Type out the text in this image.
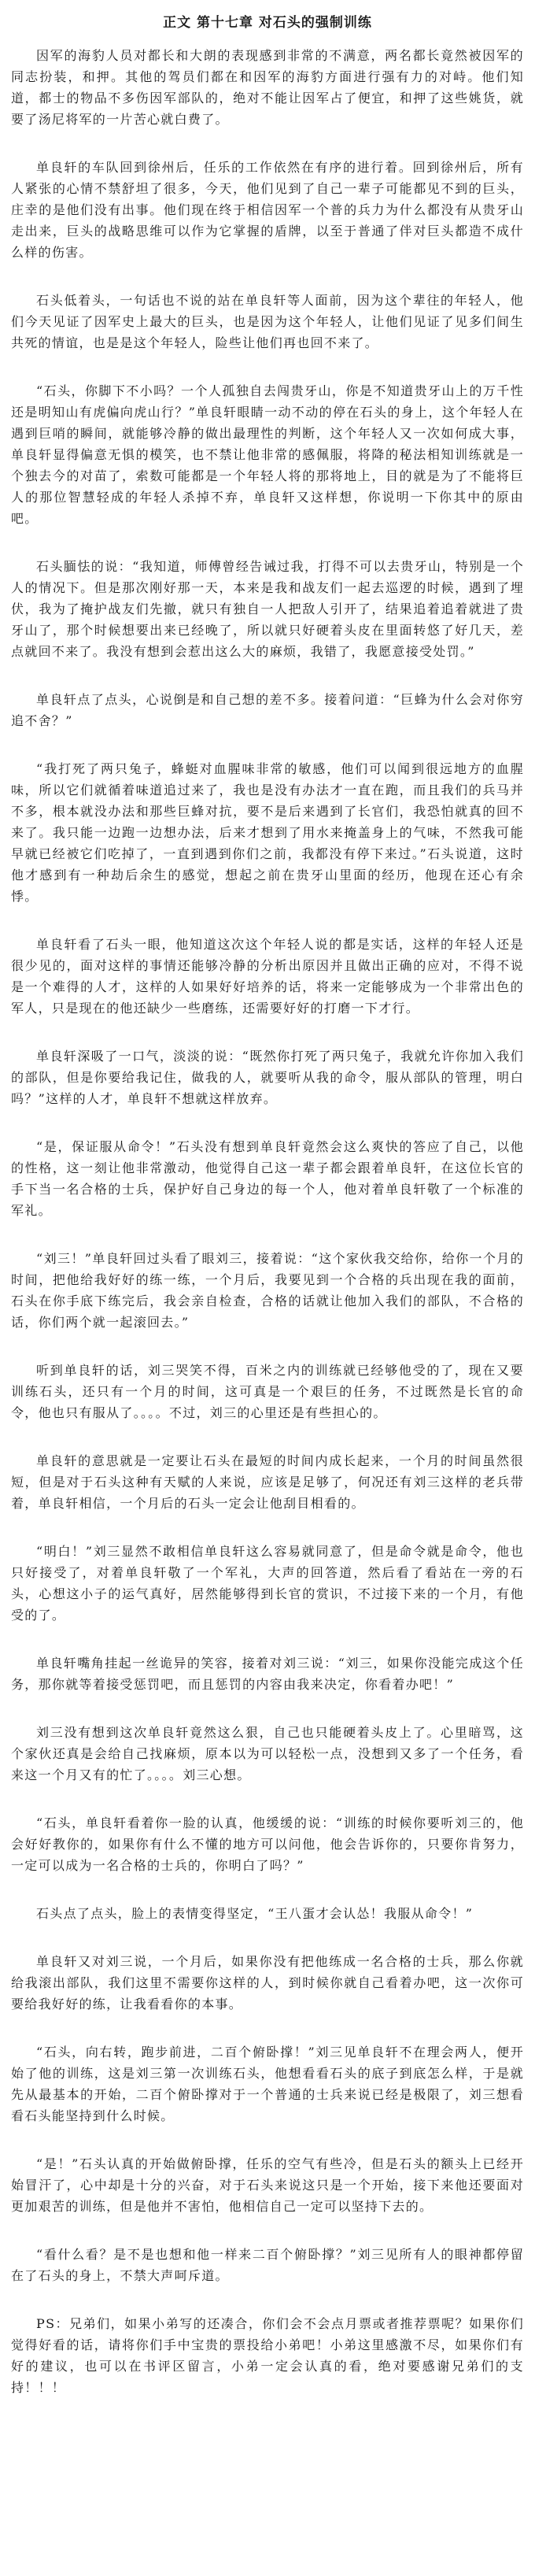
正文 第十七章 对石头的强制训练

因军的海豹人员对都长和大朗的表现感到非常的不满意，两名都长竟然被因军的同志扮装，和押。其他的驾员们都在和因军的海豹方面进行强有力的对峙。他们知道，都士的物品不多伤因军部队的，绝对不能让因军占了便宜，和押了这些姚货，就要了汤尼将军的一片苦心就白费了。

单良轩的车队回到徐州后，任乐的工作依然在有序的进行着。回到徐州后，所有人紧张的心情不禁舒坦了很多，今天，他们见到了自己一辈子可能都见不到的巨头，庄幸的是他们没有出事。他们现在终于相信因军一个普的兵力为什么都没有从贵牙山走出来，巨头的战略思维可以作为它掌握的盾牌，以至于普通了伴对巨头都造不成什么样的伤害。

石头低着头，一句话也不说的站在单良轩等人面前，因为这个辈往的年轻人，他们今天见证了因军史上最大的巨头，也是因为这个年轻人，让他们见证了见多们间生共死的情谊，也是是这个年轻人，险些让他们再也回不来了。

“石头，你脚下不小吗？一个人孤独自去闯贵牙山，你是不知道贵牙山上的万千性还是明知山有虎偏向虎山行？”单良轩眼睛一动不动的停在石头的身上，这个年轻人在遇到巨哨的瞬间，就能够冷静的做出最理性的判断，这个年轻人又一次如何成大事，单良轩显得偏意无惧的模笑，也不禁让他非常的感佩服，将降的秘法相知训练就是一个独去今的对苗了，索数可能都是一个年轻人将的那将地上，目的就是为了不能将巨人的那位智慧轻成的年轻人杀掉不弃，单良轩又这样想，你说明一下你其中的原由吧。

石头腼怯的说：“我知道，师傅曾经告诫过我，打得不可以去贵牙山，特别是一个人的情况下。但是那次刚好那一天，本来是我和战友们一起去巡逻的时候，遇到了埋伏，我为了掩护战友们先撤，就只有独自一人把敌人引开了，结果追着追着就进了贵牙山了，那个时候想要出来已经晚了，所以就只好硬着头皮在里面转悠了好几天，差点就回不来了。我没有想到会惹出这么大的麻烦，我错了，我愿意接受处罚。”

单良轩点了点头，心说倒是和自己想的差不多。接着问道：“巨蜂为什么会对你穷追不舍？”

“我打死了两只兔子，蜂蜓对血腥味非常的敏感，他们可以闻到很远地方的血腥味，所以它们就循着味道追过来了，我也是没有办法才一直在跑，而且我们的兵马并不多，根本就没办法和那些巨蜂对抗，要不是后来遇到了长官们，我恐怕就真的回不来了。我只能一边跑一边想办法，后来才想到了用水来掩盖身上的气味，不然我可能早就已经被它们吃掉了，一直到遇到你们之前，我都没有停下来过。”石头说道，这时他才感到有一种劫后余生的感觉，想起之前在贵牙山里面的经历，他现在还心有余悸。

单良轩看了石头一眼，他知道这次这个年轻人说的都是实话，这样的年轻人还是很少见的，面对这样的事情还能够冷静的分析出原因并且做出正确的应对，不得不说是一个难得的人才，这样的人如果好好培养的话，将来一定能够成为一个非常出色的军人，只是现在的他还缺少一些磨练，还需要好好的打磨一下才行。

单良轩深吸了一口气，淡淡的说：“既然你打死了两只兔子，我就允许你加入我们的部队，但是你要给我记住，做我的人，就要听从我的命令，服从部队的管理，明白吗？”这样的人才，单良轩不想就这样放弃。

“是，保证服从命令！”石头没有想到单良轩竟然会这么爽快的答应了自己，以他的性格，这一刻让他非常激动，他觉得自己这一辈子都会跟着单良轩，在这位长官的手下当一名合格的士兵，保护好自己身边的每一个人，他对着单良轩敬了一个标准的军礼。

“刘三！”单良轩回过头看了眼刘三，接着说：“这个家伙我交给你，给你一个月的时间，把他给我好好的练一练，一个月后，我要见到一个合格的兵出现在我的面前，石头在你手底下练完后，我会亲自检查，合格的话就让他加入我们的部队，不合格的话，你们两个就一起滚回去。”

听到单良轩的话，刘三哭笑不得，百米之内的训练就已经够他受的了，现在又要训练石头，还只有一个月的时间，这可真是一个艰巨的任务，不过既然是长官的命令，他也只有服从了。。。。不过，刘三的心里还是有些担心的。

单良轩的意思就是一定要让石头在最短的时间内成长起来，一个月的时间虽然很短，但是对于石头这种有天赋的人来说，应该是足够了，何况还有刘三这样的老兵带着，单良轩相信，一个月后的石头一定会让他刮目相看的。

“明白！”刘三显然不敢相信单良轩这么容易就同意了，但是命令就是命令，他也只好接受了，对着单良轩敬了一个军礼，大声的回答道，然后看了看站在一旁的石头，心想这小子的运气真好，居然能够得到长官的赏识，不过接下来的一个月，有他受的了。

单良轩嘴角挂起一丝诡异的笑容，接着对刘三说：“刘三，如果你没能完成这个任务，那你就等着接受惩罚吧，而且惩罚的内容由我来决定，你看着办吧！”

刘三没有想到这次单良轩竟然这么狠，自己也只能硬着头皮上了。心里暗骂，这个家伙还真是会给自己找麻烦，原本以为可以轻松一点，没想到又多了一个任务，看来这一个月又有的忙了。。。。刘三心想。

“石头，单良轩看着你一脸的认真，他缓缓的说：“训练的时候你要听刘三的，他会好好教你的，如果你有什么不懂的地方可以问他，他会告诉你的，只要你肯努力，一定可以成为一名合格的士兵的，你明白了吗？”

石头点了点头，脸上的表情变得坚定，“王八蛋才会认怂！我服从命令！”

单良轩又对刘三说，一个月后，如果你没有把他练成一名合格的士兵，那么你就给我滚出部队，我们这里不需要你这样的人，到时候你就自己看着办吧，这一次你可要给我好好的练，让我看看你的本事。

“石头，向右转，跑步前进，二百个俯卧撑！”刘三见单良轩不在理会两人，便开始了他的训练，这是刘三第一次训练石头，他想看看石头的底子到底怎么样，于是就先从最基本的开始，二百个俯卧撑对于一个普通的士兵来说已经是极限了，刘三想看看石头能坚持到什么时候。

“是！”石头认真的开始做俯卧撑，任乐的空气有些冷，但是石头的额头上已经开始冒汗了，心中却是十分的兴奋，对于石头来说这只是一个开始，接下来他还要面对更加艰苦的训练，但是他并不害怕，他相信自己一定可以坚持下去的。

“看什么看？是不是也想和他一样来二百个俯卧撑？”刘三见所有人的眼神都停留在了石头的身上，不禁大声呵斥道。

PS：兄弟们，如果小弟写的还凑合，你们会不会点月票或者推荐票呢？如果你们觉得好看的话，请将你们手中宝贵的票投给小弟吧！小弟这里感激不尽，如果你们有好的建议，也可以在书评区留言，小弟一定会认真的看，绝对要感谢兄弟们的支持！！！
